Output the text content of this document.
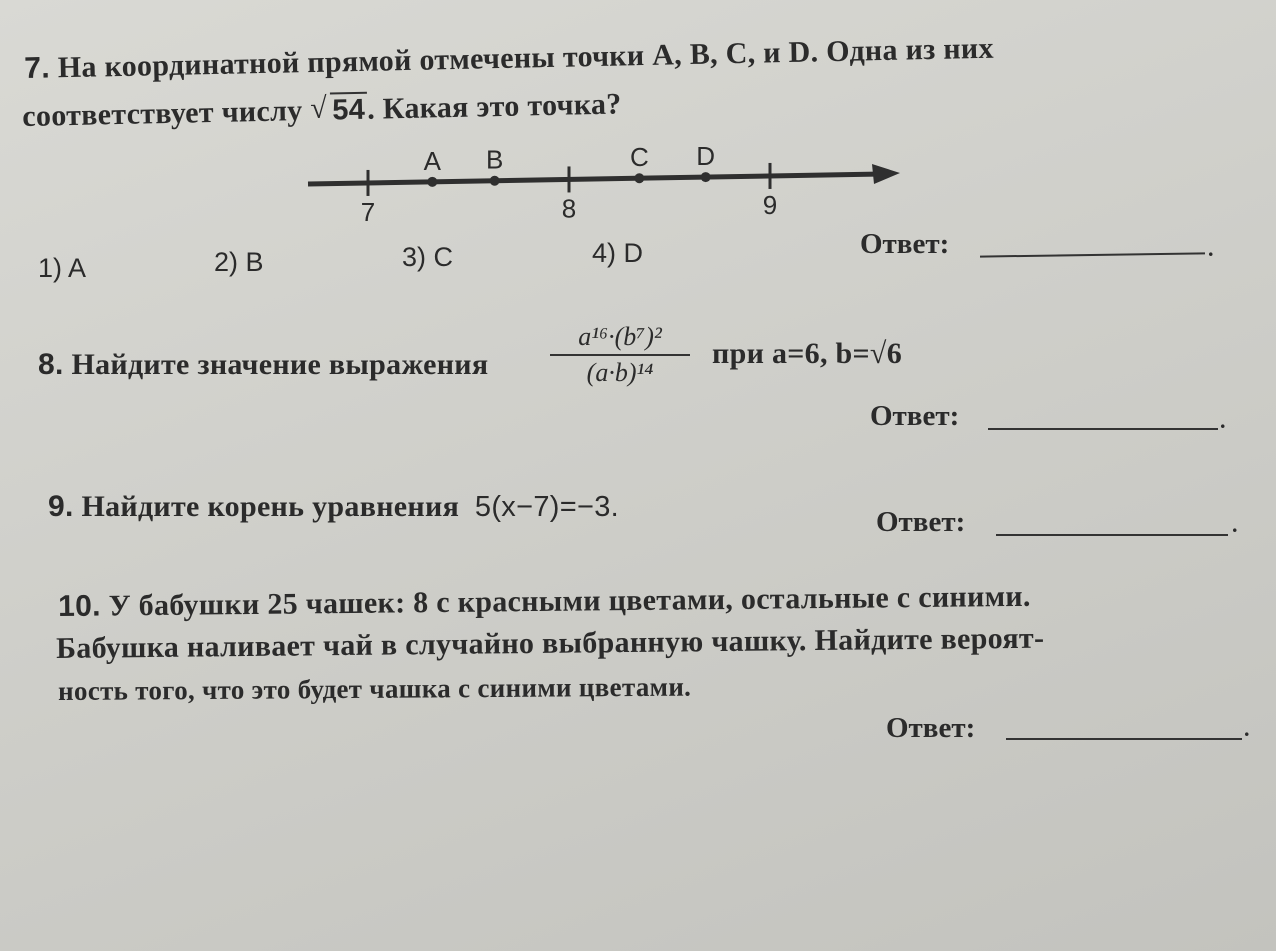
7. На координатной прямой отмечены точки A, B, C, и D. Одна из них
соответствует числу √ 54. Какая это точка?
7	8	9
A B	C D
1) A	2) B	3) C	4) D	Ответ:	.
8. Найдите значение выражения
a¹⁶·(b⁷)²
(a·b)¹⁴
при a=6, b=√6
Ответ:	.
9. Найдите корень уравнения 5(x−7)=−3.	Ответ:	.
10. У бабушки 25 чашек: 8 с красными цветами, остальные с синими.
Бабушка наливает чай в случайно выбранную чашку. Найдите вероят-
ность того, что это будет чашка с синими цветами.
Ответ:	.
